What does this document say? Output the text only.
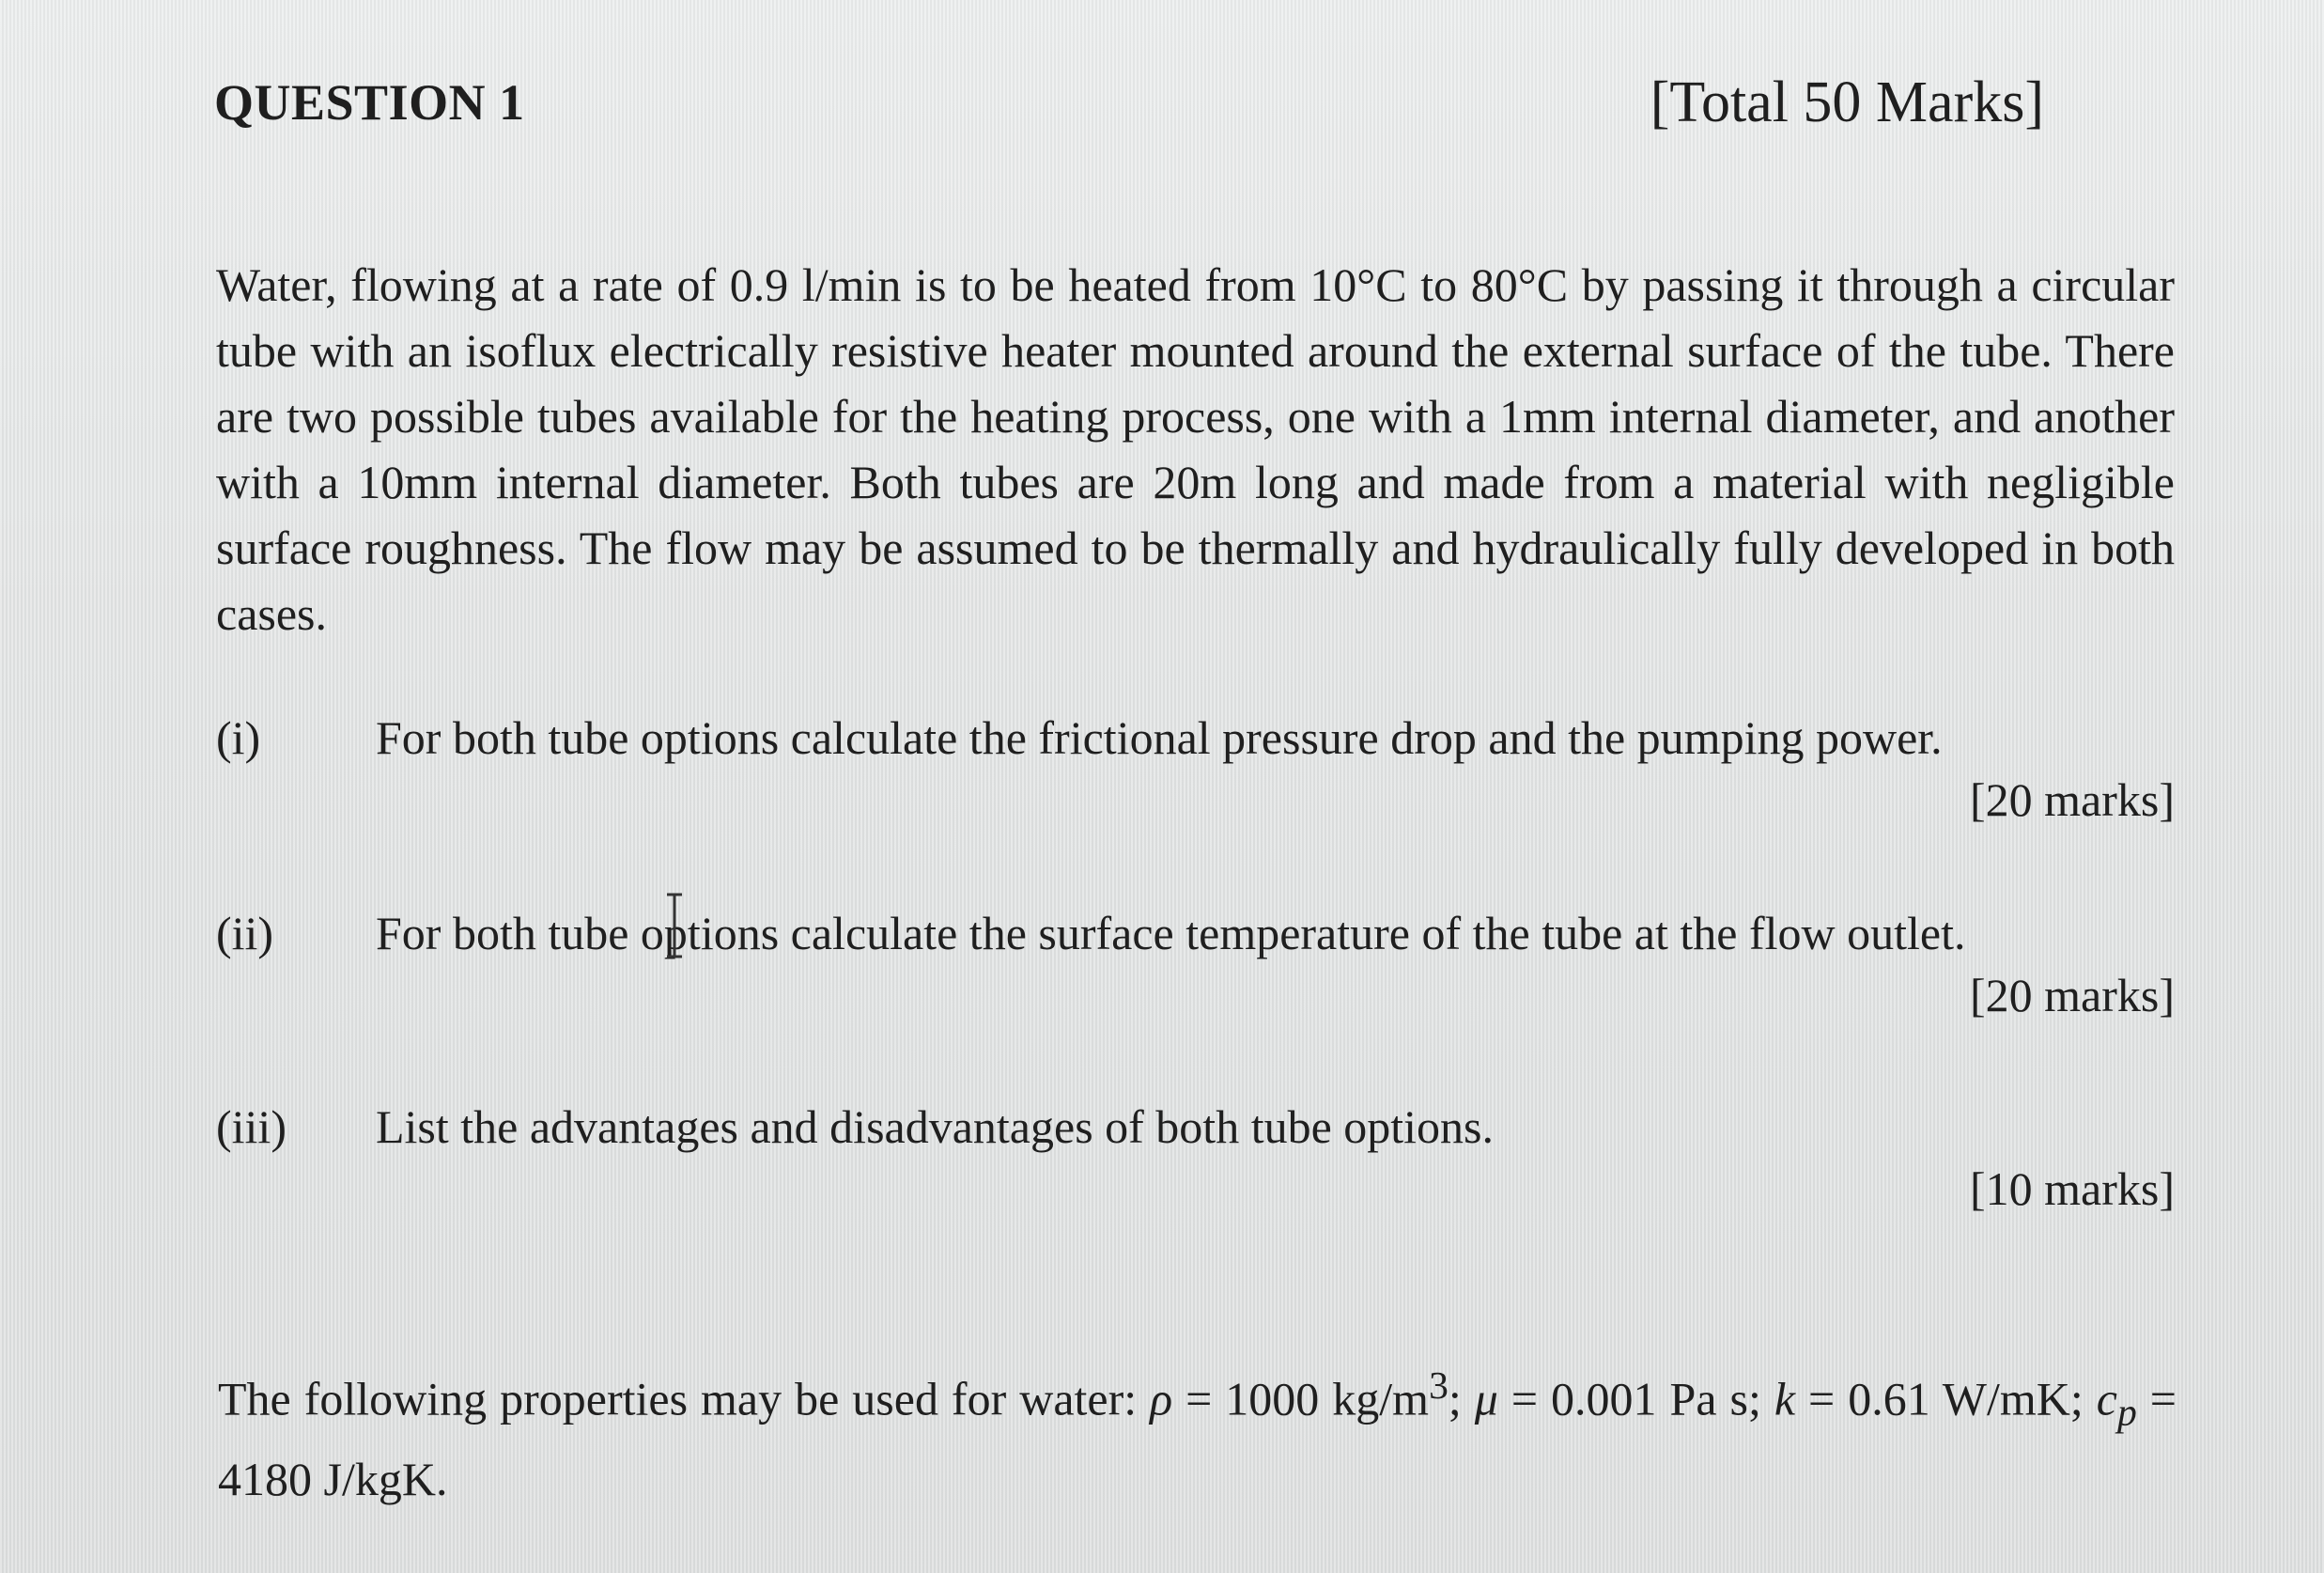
QUESTION 1	[Total 50 Marks]

Water, flowing at a rate of 0.9 l/min is to be heated from 10°C to 80°C by passing it through a circular tube with an isoflux electrically resistive heater mounted around the external surface of the tube. There are two possible tubes available for the heating process, one with a 1mm internal diameter, and another with a 10mm internal diameter. Both tubes are 20m long and made from a material with negligible surface roughness. The flow may be assumed to be thermally and hydraulically fully developed in both cases.

(i) For both tube options calculate the frictional pressure drop and the pumping power.
[20 marks]
(ii) For both tube options calculate the surface temperature of the tube at the flow outlet.
[20 marks]
(iii) List the advantages and disadvantages of both tube options.
[10 marks]

The following properties may be used for water: ρ = 1000 $kg/m^3$; μ = 0.001 Pa s; k = 0.61 W/mK; $c_p = 4180$ J/kgK.
